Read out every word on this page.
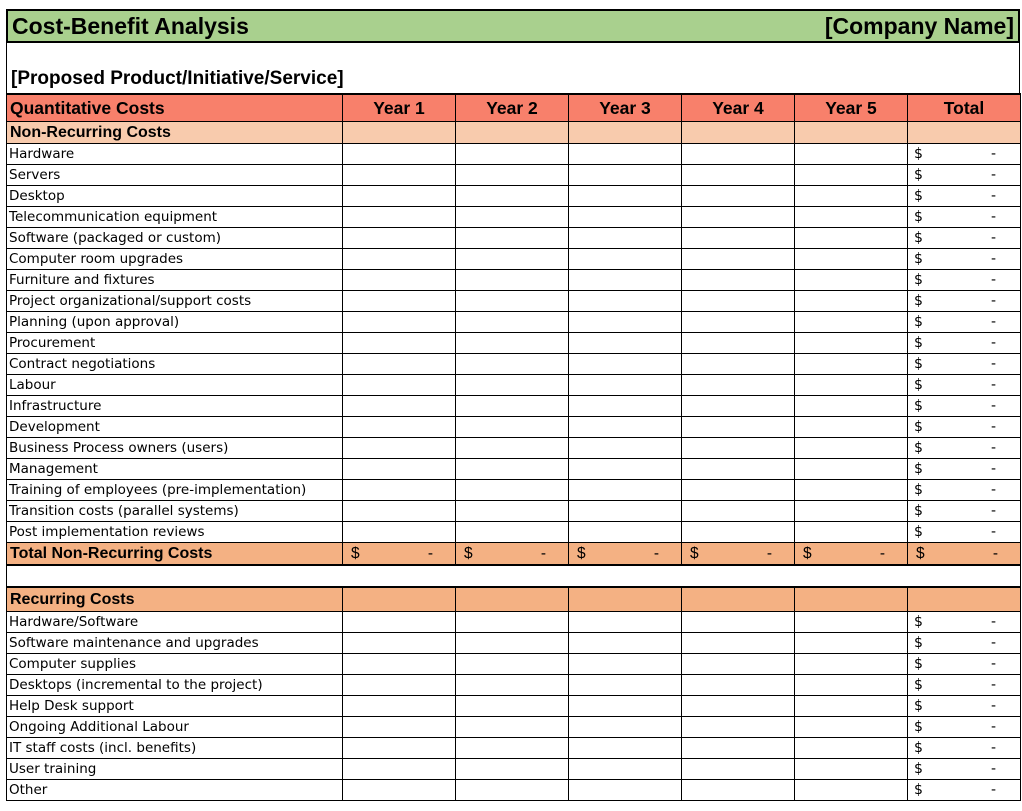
Cost-Benefit Analysis	[Company Name]
[Proposed Product/Initiative/Service]
Quantitative Costs	Year 1	Year 2	Year 3	Year 4	Year 5	Total
Non-Recurring Costs						
Hardware						$ -

Servers						$ -

Desktop						$ -

Telecommunication equipment						$ -

Software (packaged or custom)						$ -

Computer room upgrades						$ -

Furniture and fixtures						$ -

Project organizational/support costs						$ -

Planning (upon approval)						$ -

Procurement						$ -

Contract negotiations						$ -

Labour						$ -

Infrastructure						$ -

Development						$ -

Business Process owners (users)						$ -

Management						$ -

Training of employees (pre-implementation)						$ -

Transition costs (parallel systems)						$ -

Post implementation reviews						$ -

Total Non-Recurring Costs	$ -	$ -	$ -	$ -	$ -	$ -

Recurring Costs						
Hardware/Software						$ -

Software maintenance and upgrades						$ -

Computer supplies						$ -

Desktops (incremental to the project)						$ -

Help Desk support						$ -

Ongoing Additional Labour						$ -

IT staff costs (incl. benefits)						$ -

User training						$ -

Other						$ -
